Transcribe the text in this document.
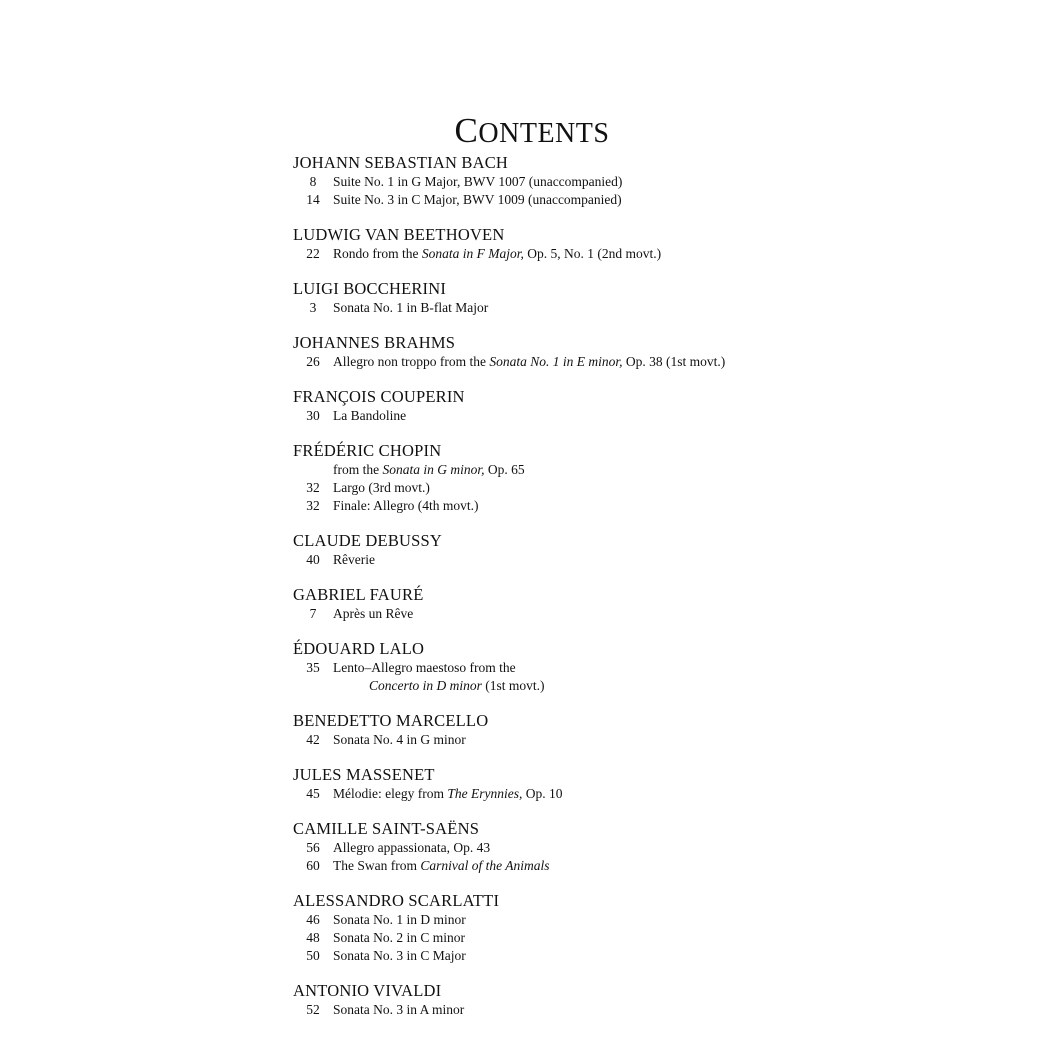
CONTENTS
JOHANN SEBASTIAN BACH
8	Suite No. 1 in G Major, BWV 1007 (unaccompanied)
14 Suite No. 3 in C Major, BWV 1009 (unaccompanied)
LUDWIG VAN BEETHOVEN
22 Rondo from the Sonata in F Major, Op. 5, No. 1 (2nd movt.)
LUIGI BOCCHERINI
3	Sonata No. 1 in B-flat Major
JOHANNES BRAHMS
26 Allegro non troppo from the Sonata No. 1 in E minor, Op. 38 (1st movt.)
FRANÇOIS COUPERIN
30 La Bandoline
FRÉDÉRIC CHOPIN
from the Sonata in G minor, Op. 65
32 Largo (3rd movt.)
32 Finale: Allegro (4th movt.)
CLAUDE DEBUSSY
40 Rêverie
GABRIEL FAURÉ
7	Après un Rêve
ÉDOUARD LALO
35 Lento–Allegro maestoso from the
Concerto in D minor (1st movt.)
BENEDETTO MARCELLO
42 Sonata No. 4 in G minor
JULES MASSENET
45 Mélodie: elegy from The Erynnies, Op. 10
CAMILLE SAINT-SAËNS
56 Allegro appassionata, Op. 43
60 The Swan from Carnival of the Animals
ALESSANDRO SCARLATTI
46 Sonata No. 1 in D minor
48 Sonata No. 2 in C minor
50 Sonata No. 3 in C Major
ANTONIO VIVALDI
52 Sonata No. 3 in A minor
